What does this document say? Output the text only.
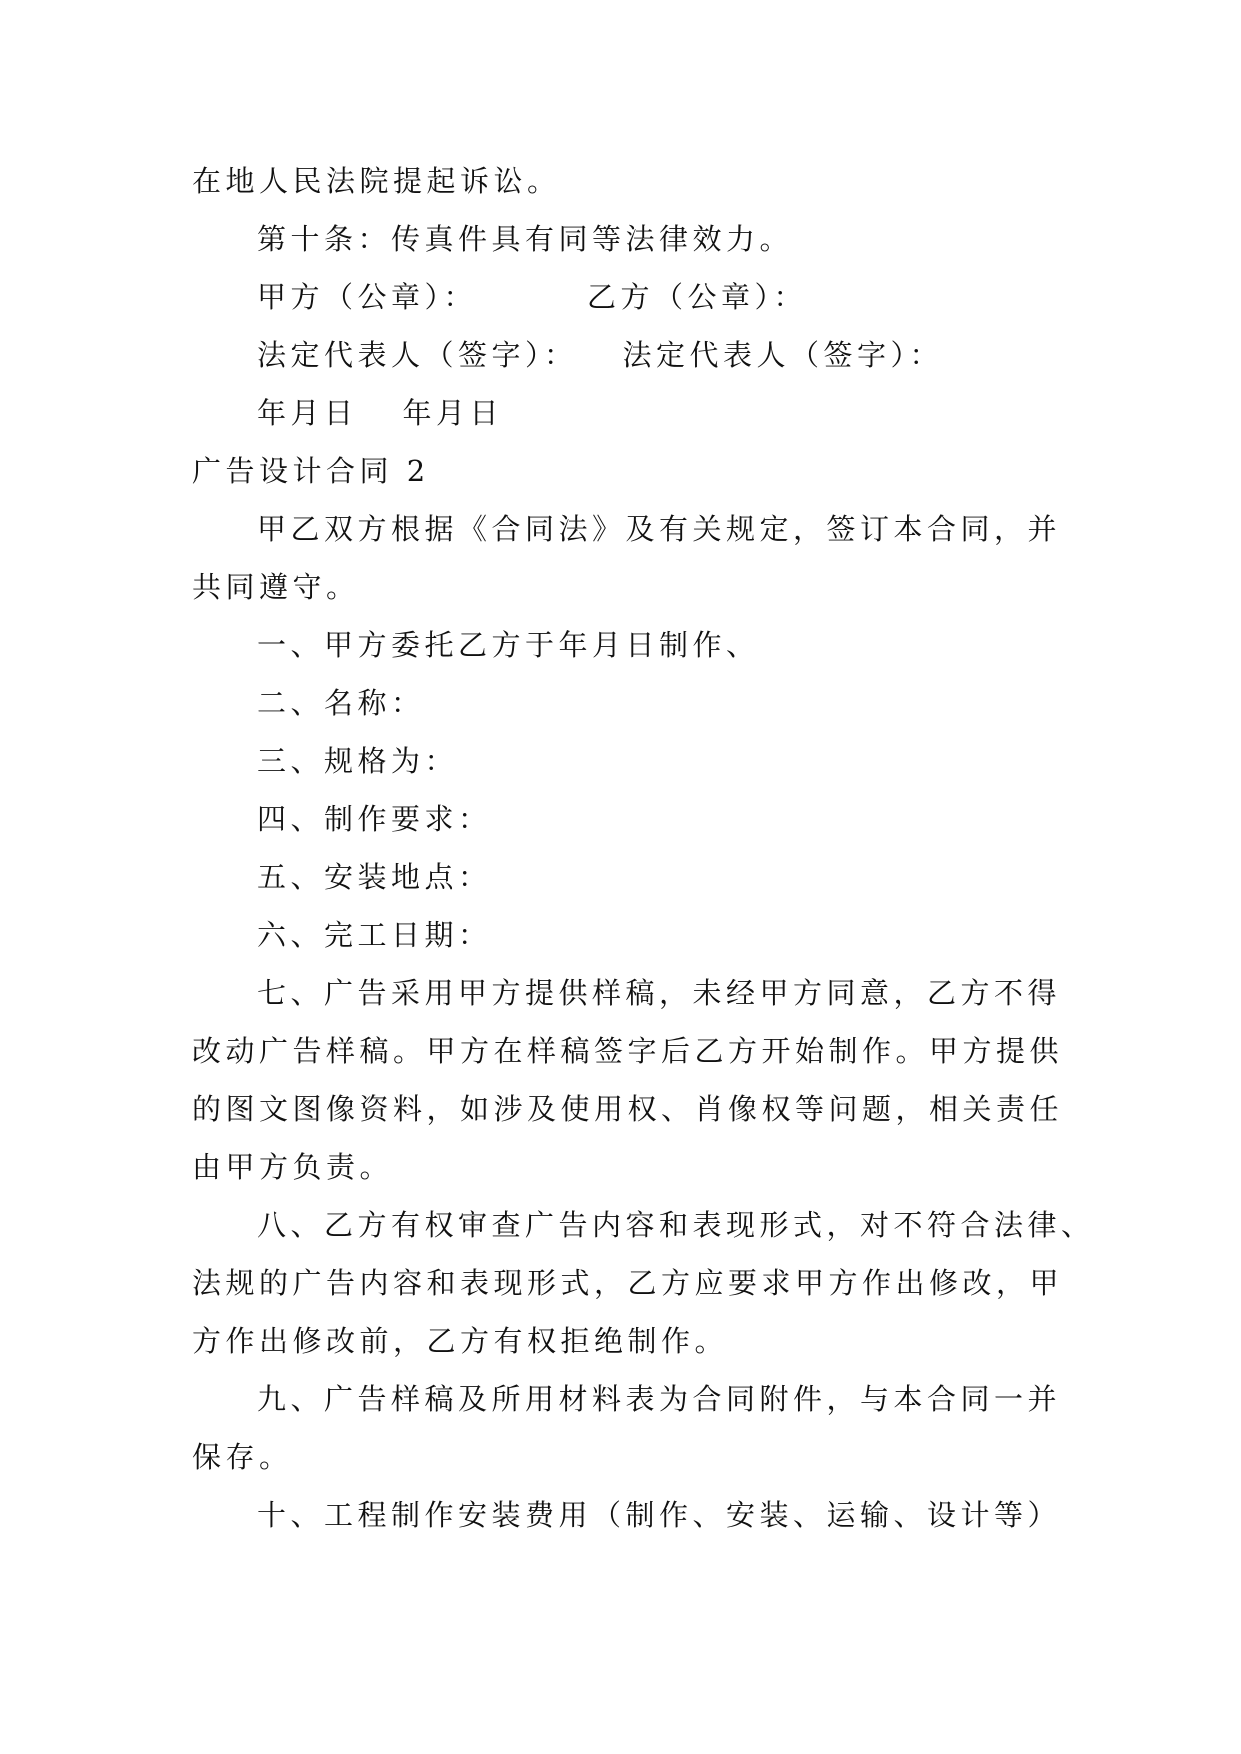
在地人民法院提起诉讼。
第十条：传真件具有同等法律效力。
甲方（公章）：	乙方（公章）：
法定代表人（签字）： 法定代表人（签字）：
年月日 年月日
广告设计合同 2
甲乙双方根据《合同法》及有关规定，签订本合同，并
共同遵守。
一、甲方委托乙方于年月日制作、
二、名称：
三、规格为：
四、制作要求：
五、安装地点：
六、完工日期：
七、广告采用甲方提供样稿，未经甲方同意，乙方不得
改动广告样稿。甲方在样稿签字后乙方开始制作。甲方提供
的图文图像资料，如涉及使用权、肖像权等问题，相关责任
由甲方负责。
八、乙方有权审查广告内容和表现形式，对不符合法律、
法规的广告内容和表现形式，乙方应要求甲方作出修改，甲
方作出修改前，乙方有权拒绝制作。
九、广告样稿及所用材料表为合同附件，与本合同一并
保存。
十、工程制作安装费用（制作、安装、运输、设计等）
